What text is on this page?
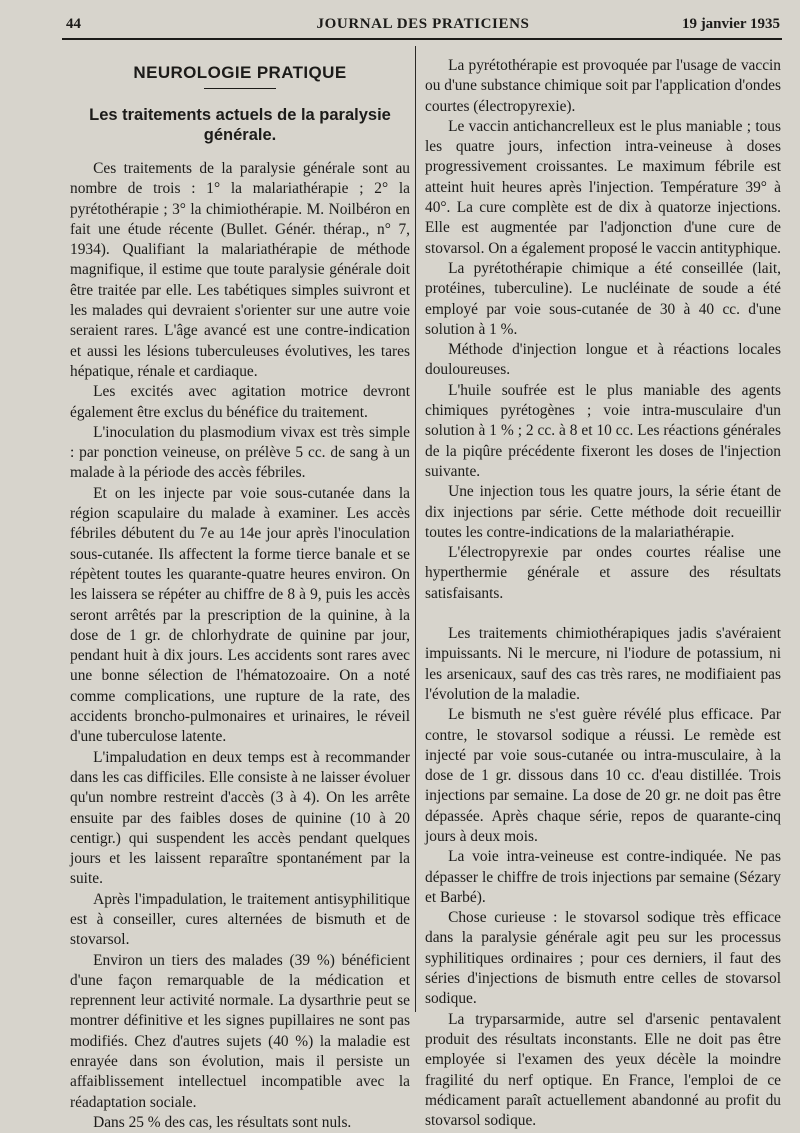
44	JOURNAL DES PRATICIENS	19 janvier 1935
NEUROLOGIE PRATIQUE
Les traitements actuels de la paralysie générale.

Ces traitements de la paralysie générale sont au nombre de trois : 1° la malariathérapie ; 2° la pyrétothérapie ; 3° la chimiothérapie. M. Noilbéron en fait une étude récente (Bullet. Génér. thérap., n° 7, 1934). Qualifiant la malariathérapie de méthode magnifique, il estime que toute paralysie générale doit être traitée par elle. Les tabétiques simples suivront et les malades qui devraient s'orienter sur une autre voie seraient rares. L'âge avancé est une contre-indication et aussi les lésions tuberculeuses évolutives, les tares hépatique, rénale et cardiaque.

Les excités avec agitation motrice devront également être exclus du bénéfice du traitement.

L'inoculation du plasmodium vivax est très simple : par ponction veineuse, on prélève 5 cc. de sang à un malade à la période des accès fébriles.

Et on les injecte par voie sous-cutanée dans la région scapulaire du malade à examiner. Les accès fébriles débutent du 7e au 14e jour après l'inoculation sous-cutanée. Ils affectent la forme tierce banale et se répètent toutes les quarante-quatre heures environ. On les laissera se répéter au chiffre de 8 à 9, puis les accès seront arrêtés par la prescription de la quinine, à la dose de 1 gr. de chlorhydrate de quinine par jour, pendant huit à dix jours. Les accidents sont rares avec une bonne sélection de l'hématozoaire. On a noté comme complications, une rupture de la rate, des accidents broncho-pulmonaires et urinaires, le réveil d'une tuberculose latente.

L'impaludation en deux temps est à recommander dans les cas difficiles. Elle consiste à ne laisser évoluer qu'un nombre restreint d'accès (3 à 4). On les arrête ensuite par des faibles doses de quinine (10 à 20 centigr.) qui suspendent les accès pendant quelques jours et les laissent reparaître spontanément par la suite.

Après l'impadulation, le traitement antisyphilitique est à conseiller, cures alternées de bismuth et de stovarsol.

Environ un tiers des malades (39 %) bénéficient d'une façon remarquable de la médication et reprennent leur activité normale. La dysarthrie peut se montrer définitive et les signes pupillaires ne sont pas modifiés. Chez d'autres sujets (40 %) la maladie est enrayée dans son évolution, mais il persiste un affaiblissement intellectuel incompatible avec la réadaptation sociale.

Dans 25 % des cas, les résultats sont nuls.

La pyrétothérapie est provoquée par l'usage de vaccin ou d'une substance chimique soit par l'application d'ondes courtes (électropyrexie).

Le vaccin antichancrelleux est le plus maniable ; tous les quatre jours, infection intra-veineuse à doses progressivement croissantes. Le maximum fébrile est atteint huit heures après l'injection. Température 39° à 40°. La cure complète est de dix à quatorze injections. Elle est augmentée par l'adjonction d'une cure de stovarsol. On a également proposé le vaccin antityphique.

La pyrétothérapie chimique a été conseillée (lait, protéines, tuberculine). Le nucléinate de soude a été employé par voie sous-cutanée de 30 à 40 cc. d'une solution à 1 %.

Méthode d'injection longue et à réactions locales douloureuses.

L'huile soufrée est le plus maniable des agents chimiques pyrétogènes ; voie intra-musculaire d'un solution à 1 % ; 2 cc. à 8 et 10 cc. Les réactions générales de la piqûre précédente fixeront les doses de l'injection suivante.

Une injection tous les quatre jours, la série étant de dix injections par série. Cette méthode doit recueillir toutes les contre-indications de la malariathérapie.

L'électropyrexie par ondes courtes réalise une hyperthermie générale et assure des résultats satisfaisants.

Les traitements chimiothérapiques jadis s'avéraient impuissants. Ni le mercure, ni l'iodure de potassium, ni les arsenicaux, sauf des cas très rares, ne modifiaient pas l'évolution de la maladie.

Le bismuth ne s'est guère révélé plus efficace. Par contre, le stovarsol sodique a réussi. Le remède est injecté par voie sous-cutanée ou intra-musculaire, à la dose de 1 gr. dissous dans 10 cc. d'eau distillée. Trois injections par semaine. La dose de 20 gr. ne doit pas être dépassée. Après chaque série, repos de quarante-cinq jours à deux mois.

La voie intra-veineuse est contre-indiquée. Ne pas dépasser le chiffre de trois injections par semaine (Sézary et Barbé).

Chose curieuse : le stovarsol sodique très efficace dans la paralysie générale agit peu sur les processus syphilitiques ordinaires ; pour ces derniers, il faut des séries d'injections de bismuth entre celles de stovarsol sodique.

La tryparsarmide, autre sel d'arsenic pentavalent produit des résultats inconstants. Elle ne doit pas être employée si l'examen des yeux décèle la moindre fragilité du nerf optique. En France, l'emploi de ce médicament paraît actuellement abandonné au profit du stovarsol sodique.
